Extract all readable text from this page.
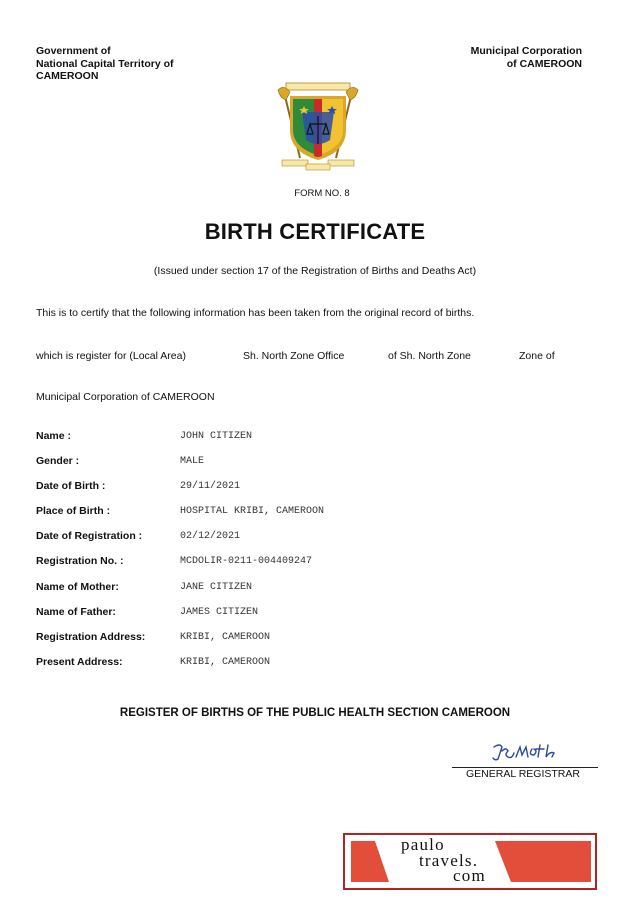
Government of
National Capital Territory of
CAMEROON
Municipal Corporation
of CAMEROON
FORM NO. 8
BIRTH CERTIFICATE
(Issued under section 17 of the Registration of Births and Deaths Act)
This is to certify that the following information has been taken from the original record of births.
which is register for (Local Area)	Sh. North Zone Office	of Sh. North Zone	Zone of
Municipal Corporation of CAMEROON
Name :	JOHN CITIZEN
Gender :	MALE
Date of Birth :	29/11/2021
Place of Birth :	HOSPITAL KRIBI, CAMEROON
Date of Registration :	02/12/2021
Registration No. :	MCDOLIR-0211-004409247
Name of Mother:	JANE CITIZEN
Name of Father:	JAMES CITIZEN
Registration Address:	KRIBI, CAMEROON
Present Address:	KRIBI, CAMEROON
REGISTER OF BIRTHS OF THE PUBLIC HEALTH SECTION CAMEROON
GENERAL REGISTRAR
paulo
travels.
com
